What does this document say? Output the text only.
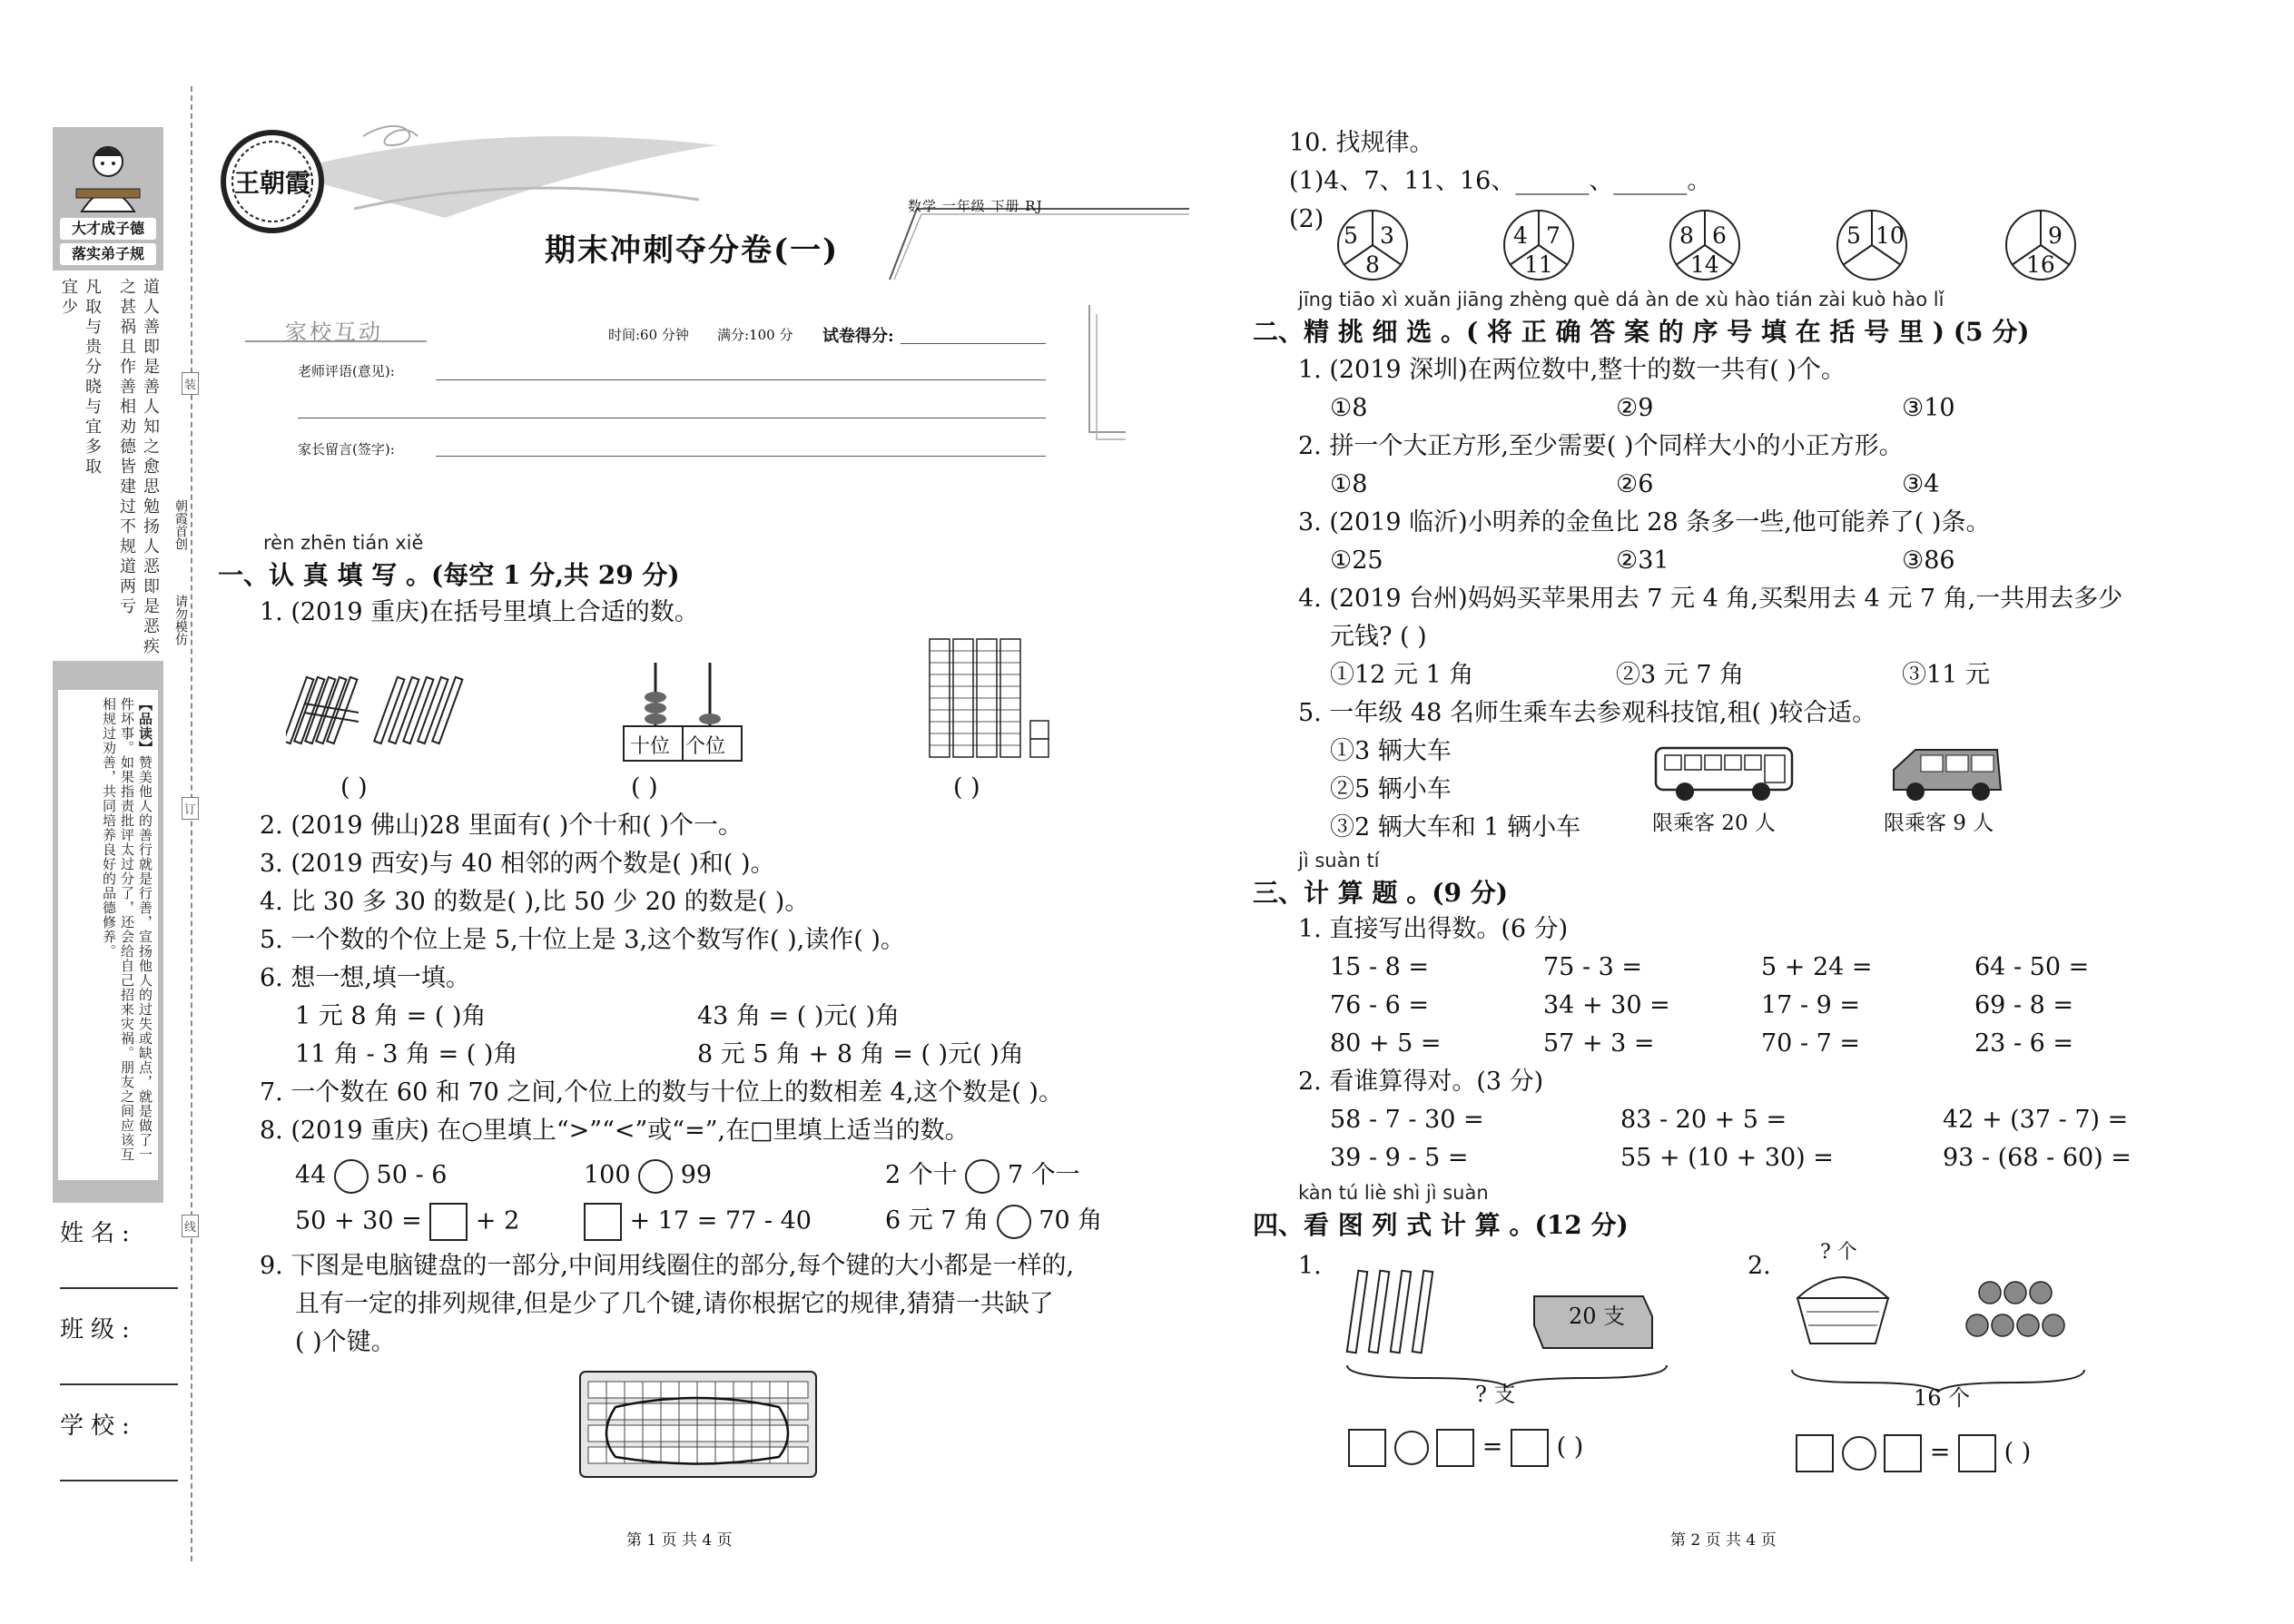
大才成子德
落实弟子规
凡取与贵分晓与宜多取宜少	道人善即是善人知之愈思勉扬人恶即是恶疾之甚祸且作善相劝德皆建过不规道两亏
【品读】赞美他人的善行就是行善，宣扬他人的过失或缺点，就是做了一件坏事。如果指责批评太过分了，还会给自己招来灾祸。朋友之间应该互相规过劝善，共同培养良好的品德修养。
姓名:
班级:
学校:
装
订
线
朝霞首创
请勿模仿
王朝霞
期末冲刺夺分卷(一)
数学 一年级 下册 RJ
家校互动	时间:60 分钟 满分:100 分 试卷得分:
老师评语(意见):
家长留言(签字):
rèn zhēn tián xiě
一、认 真 填 写 。(每空 1 分,共 29 分)
1. (2019 重庆)在括号里填上合适的数。
十位 个位
( )	( )	( )
2. (2019 佛山)28 里面有( )个十和( )个一。
3. (2019 西安)与 40 相邻的两个数是( )和( )。
4. 比 30 多 30 的数是( ),比 50 少 20 的数是( )。
5. 一个数的个位上是 5,十位上是 3,这个数写作( ),读作( )。
6. 想一想,填一填。
1 元 8 角 = ( )角	43 角 = ( )元( )角
11 角 - 3 角 = ( )角	8 元 5 角 + 8 角 = ( )元( )角
7. 一个数在 60 和 70 之间,个位上的数与十位上的数相差 4,这个数是( )。
8. (2019 重庆) 在○里填上“>”“<”或“=”,在□里填上适当的数。
44 50 - 6	100 99	2 个十 7 个一
50 + 30 = + 2	+ 17 = 77 - 40	6 元 7 角 70 角
9. 下图是电脑键盘的一部分,中间用线圈住的部分,每个键的大小都是一样的,
且有一定的排列规律,但是少了几个键,请你根据它的规律,猜猜一共缺了
( )个键。
第 1 页 共 4 页
10. 找规律。
(1)4、7、11、16、______、______。
(2)
5 3
8
4 7
11
8 6
14
5 10	9
16
jīng tiāo xì xuǎn jiāng zhèng què dá àn de xù hào tián zài kuò hào lǐ
二、精 挑 细 选 。( 将 正 确 答 案 的 序 号 填 在 括 号 里 ) (5 分)
1. (2019 深圳)在两位数中,整十的数一共有( )个。
①8	②9	③10
2. 拼一个大正方形,至少需要( )个同样大小的小正方形。
①8	②6	③4
3. (2019 临沂)小明养的金鱼比 28 条多一些,他可能养了( )条。
①25	②31	③86
4. (2019 台州)妈妈买苹果用去 7 元 4 角,买梨用去 4 元 7 角,一共用去多少
元钱? ( )
①12 元 1 角	②3 元 7 角	③11 元
5. 一年级 48 名师生乘车去参观科技馆,租( )较合适。
①3 辆大车
②5 辆小车
③2 辆大车和 1 辆小车	限乘客 20 人	限乘客 9 人
jì suàn tí
三、计 算 题 。(9 分)
1. 直接写出得数。(6 分)
15 - 8 =	75 - 3 =	5 + 24 =	64 - 50 =
76 - 6 =	34 + 30 =	17 - 9 =	69 - 8 =
80 + 5 =	57 + 3 =	70 - 7 =	23 - 6 =
2. 看谁算得对。(3 分)
58 - 7 - 30 =	83 - 20 + 5 =	42 + (37 - 7) =
39 - 9 - 5 =	55 + (10 + 30) =	93 - (68 - 60) =
kàn tú liè shì jì suàn
四、看 图 列 式 计 算 。(12 分)
1.
20 支
? 支
= ( )
2. ? 个
16 个
= ( )
第 2 页 共 4 页
